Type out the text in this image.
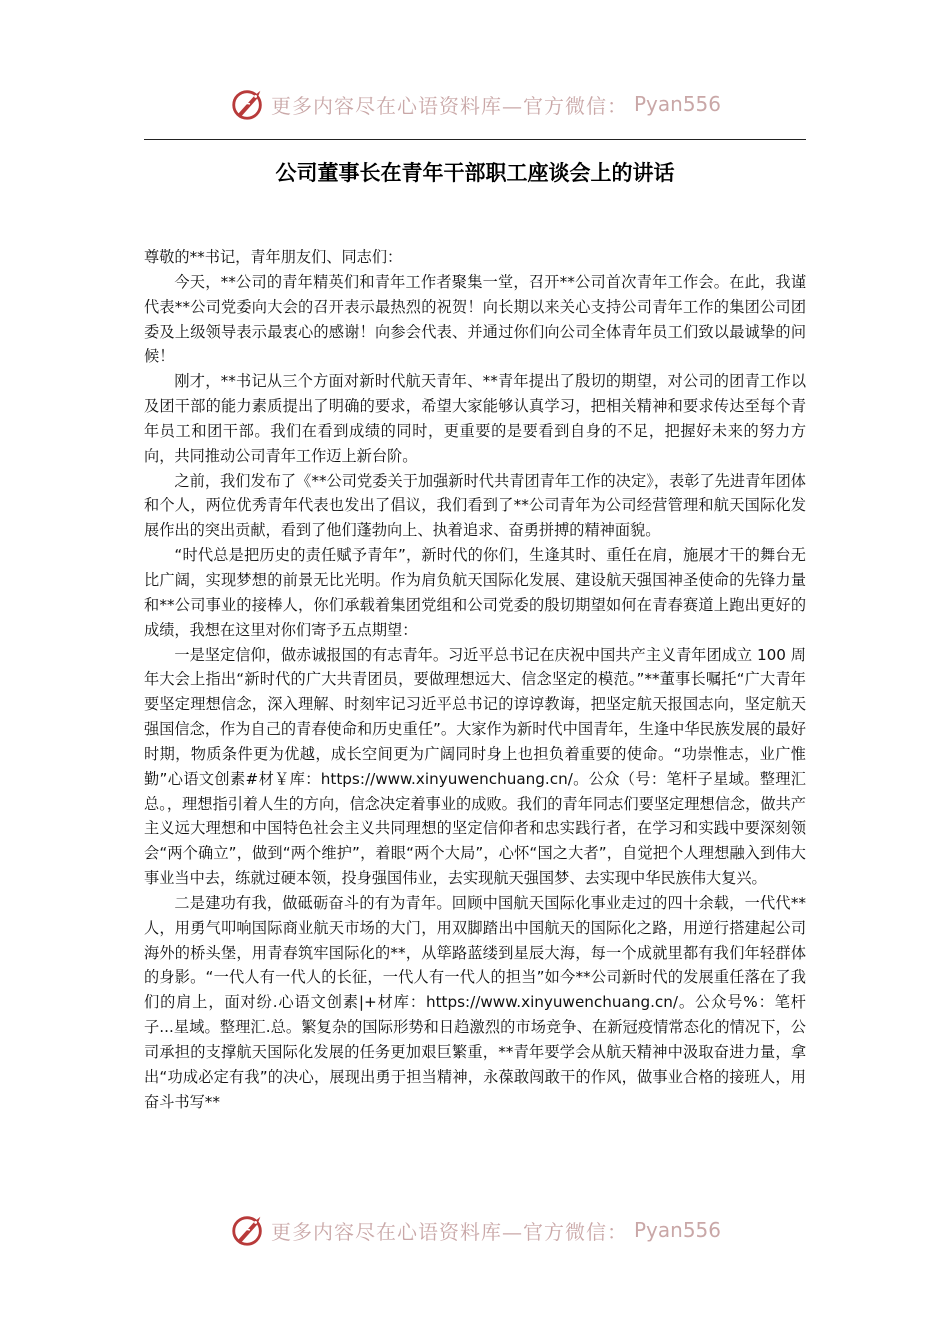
更多内容尽在心语资料库—官方微信： Pyan556
公司董事长在青年干部职工座谈会上的讲话

尊敬的**书记，青年朋友们、同志们：

今天，**公司的青年精英们和青年工作者聚集一堂，召开**公司首次青年工作会。在此，我谨代表**公司党委向大会的召开表示最热烈的祝贺！向长期以来关心支持公司青年工作的集团公司团委及上级领导表示最衷心的感谢！向参会代表、并通过你们向公司全体青年员工们致以最诚挚的问候！

刚才，**书记从三个方面对新时代航天青年、**青年提出了殷切的期望，对公司的团青工作以及团干部的能力素质提出了明确的要求，希望大家能够认真学习，把相关精神和要求传达至每个青年员工和团干部。我们在看到成绩的同时，更重要的是要看到自身的不足，把握好未来的努力方向，共同推动公司青年工作迈上新台阶。

之前，我们发布了《**公司党委关于加强新时代共青团青年工作的决定》，表彰了先进青年团体和个人，两位优秀青年代表也发出了倡议，我们看到了**公司青年为公司经营管理和航天国际化发展作出的突出贡献，看到了他们蓬勃向上、执着追求、奋勇拼搏的精神面貌。

“时代总是把历史的责任赋予青年”，新时代的你们，生逢其时、重任在肩，施展才干的舞台无比广阔，实现梦想的前景无比光明。作为肩负航天国际化发展、建设航天强国神圣使命的先锋力量和**公司事业的接棒人，你们承载着集团党组和公司党委的殷切期望如何在青春赛道上跑出更好的成绩，我想在这里对你们寄予五点期望：

一是坚定信仰，做赤诚报国的有志青年。习近平总书记在庆祝中国共产主义青年团成立 100 周年大会上指出“新时代的广大共青团员，要做理想远大、信念坚定的模范。”**董事长嘱托“广大青年要坚定理想信念，深入理解、时刻牢记习近平总书记的谆谆教诲，把坚定航天报国志向，坚定航天强国信念，作为自己的青春使命和历史重任”。大家作为新时代中国青年，生逢中华民族发展的最好时期，物质条件更为优越，成长空间更为广阔同时身上也担负着重要的使命。“功崇惟志，业广惟勤”心语文创素#材￥库：https://www.xinyuwenchuang.cn/。公众（号：笔杆子星域。整理汇总。，理想指引着人生的方向，信念决定着事业的成败。我们的青年同志们要坚定理想信念，做共产主义远大理想和中国特色社会主义共同理想的坚定信仰者和忠实践行者，在学习和实践中要深刻领会“两个确立”，做到“两个维护”，着眼“两个大局”，心怀“国之大者”，自觉把个人理想融入到伟大事业当中去，练就过硬本领，投身强国伟业，去实现航天强国梦、去实现中华民族伟大复兴。

二是建功有我，做砥砺奋斗的有为青年。回顾中国航天国际化事业走过的四十余载，一代代**人，用勇气叩响国际商业航天市场的大门，用双脚踏出中国航天的国际化之路，用逆行搭建起公司海外的桥头堡，用青春筑牢国际化的**，从筚路蓝缕到星辰大海，每一个成就里都有我们年轻群体的身影。“一代人有一代人的长征，一代人有一代人的担当”如今**公司新时代的发展重任落在了我们的肩上，面对纷.心语文创素|+材库：https://www.xinyuwenchuang.cn/。公众号%：笔杆子...星域。整理汇.总。繁复杂的国际形势和日趋激烈的市场竞争、在新冠疫情常态化的情况下，公司承担的支撑航天国际化发展的任务更加艰巨繁重，**青年要学会从航天精神中汲取奋进力量，拿出“功成必定有我”的决心，展现出勇于担当精神，永葆敢闯敢干的作风，做事业合格的接班人，用奋斗书写**

更多内容尽在心语资料库—官方微信： Pyan556
